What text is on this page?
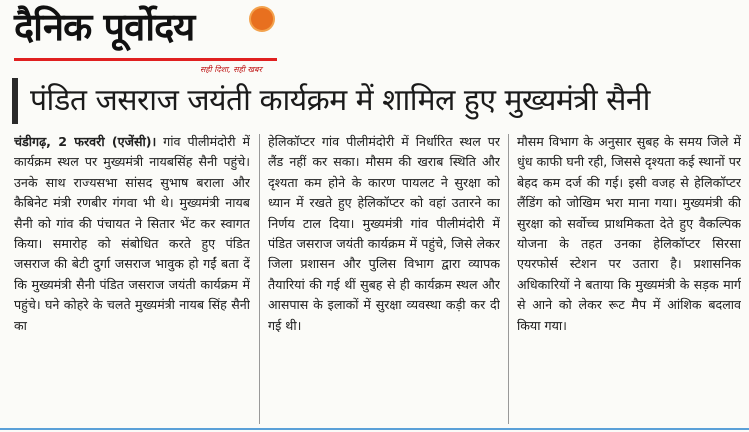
दैनिक पूर्वोदय
सही दिशा, सही खबर
पंडित जसराज जयंती कार्यक्रम में शामिल हुए मुख्यमंत्री सैनी
चंडीगढ़, 2 फरवरी (एजेंसी)। गांव पीलीमंदोरी में कार्यक्रम स्थल पर मुख्यमंत्री नायबसिंह सैनी पहुंचे। उनके साथ राज्यसभा सांसद सुभाष बराला और कैबिनेट मंत्री रणबीर गंगवा भी थे। मुख्यमंत्री नायब सैनी को गांव की पंचायत ने सितार भेंट कर स्वागत किया। समारोह को संबोधित करते हुए पंडित जसराज की बेटी दुर्गा जसराज भावुक हो गईं बता दें कि मुख्यमंत्री सैनी पंडित जसराज जयंती कार्यक्रम में पहुंचे। घने कोहरे के चलते मुख्यमंत्री नायब सिंह सैनी का
हेलिकॉप्टर गांव पीलीमंदोरी में निर्धारित स्थल पर लैंड नहीं कर सका। मौसम की खराब स्थिति और दृश्यता कम होने के कारण पायलट ने सुरक्षा को ध्यान में रखते हुए हेलिकॉप्टर को वहां उतारने का निर्णय टाल दिया। मुख्यमंत्री गांव पीलीमंदोरी में पंडित जसराज जयंती कार्यक्रम में पहुंचे, जिसे लेकर जिला प्रशासन और पुलिस विभाग द्वारा व्यापक तैयारियां की गई थीं सुबह से ही कार्यक्रम स्थल और आसपास के इलाकों में सुरक्षा व्यवस्था कड़ी कर दी गई थी।
मौसम विभाग के अनुसार सुबह के समय जिले में धुंध काफी घनी रही, जिससे दृश्यता कई स्थानों पर बेहद कम दर्ज की गई। इसी वजह से हेलिकॉप्टर लैंडिंग को जोखिम भरा माना गया। मुख्यमंत्री की सुरक्षा को सर्वोच्च प्राथमिकता देते हुए वैकल्पिक योजना के तहत उनका हेलिकॉप्टर सिरसा एयरफोर्स स्टेशन पर उतारा है। प्रशासनिक अधिकारियों ने बताया कि मुख्यमंत्री के सड़क मार्ग से आने को लेकर रूट मैप में आंशिक बदलाव किया गया।
